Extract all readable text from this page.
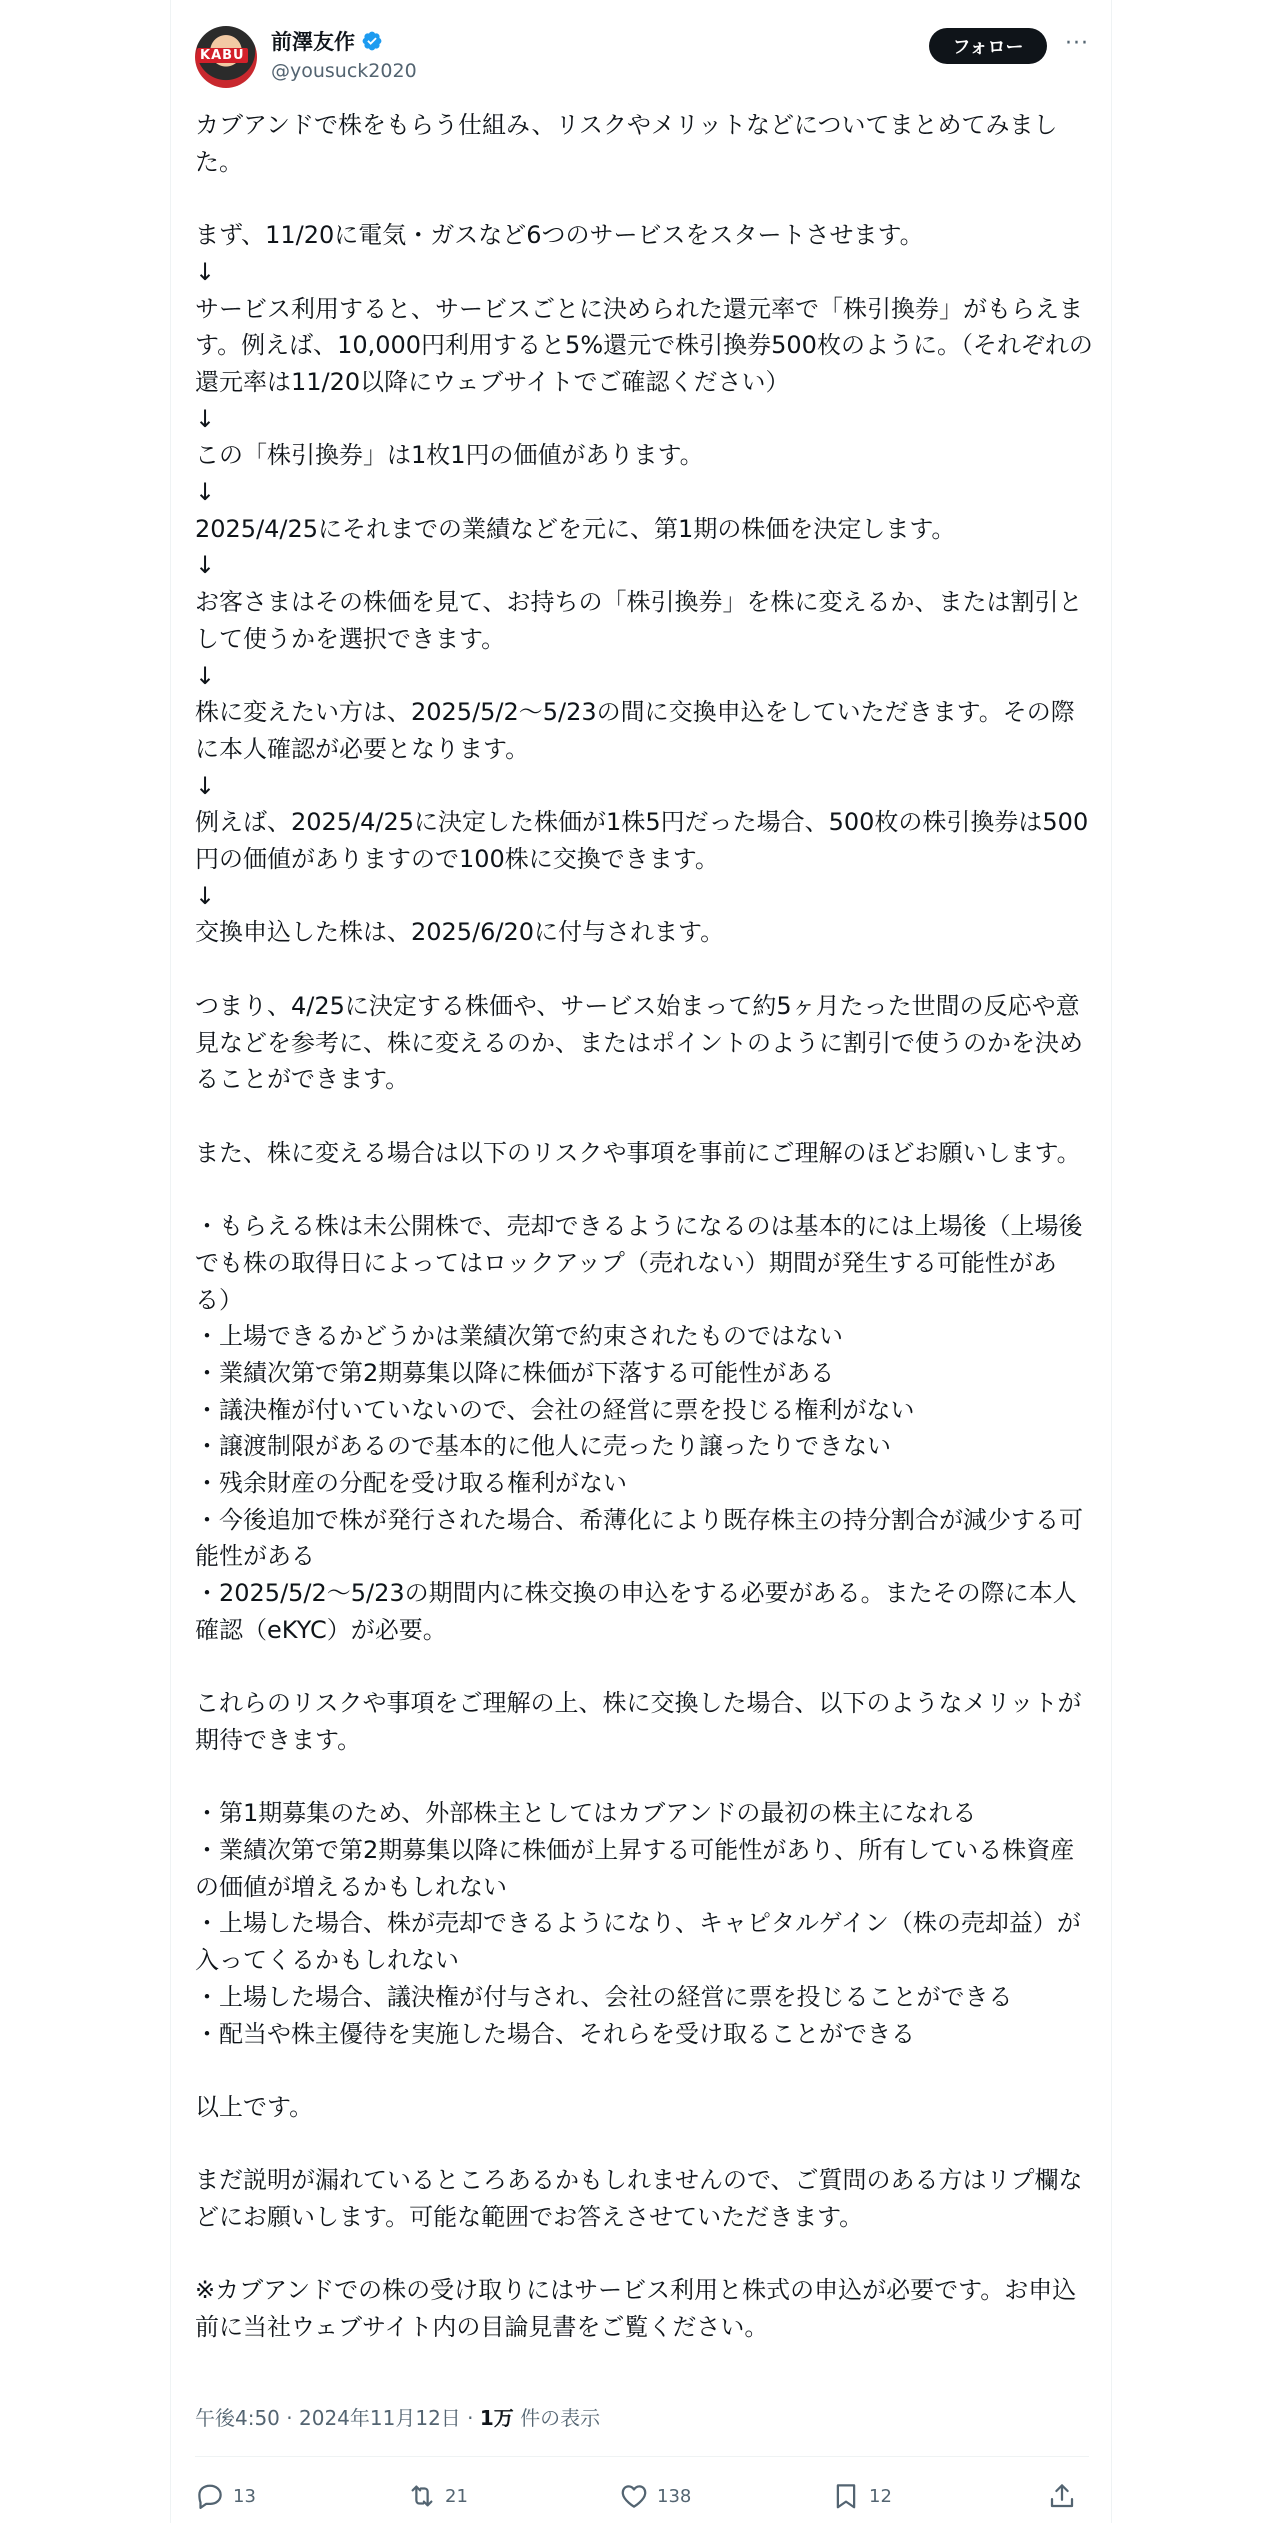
KABU
前澤友作
@yousuck2020
フォロー	···
カブアンドで株をもらう仕組み、リスクやメリットなどについてまとめてみました。

まず、11/20に電気・ガスなど6つのサービスをスタートさせます。
↓
サービス利用すると、サービスごとに決められた還元率で「株引換券」がもらえます。例えば、10,000円利用すると5%還元で株引換券500枚のように。（それぞれの還元率は11/20以降にウェブサイトでご確認ください）
↓
この「株引換券」は1枚1円の価値があります。
↓
2025/4/25にそれまでの業績などを元に、第1期の株価を決定します。
↓
お客さまはその株価を見て、お持ちの「株引換券」を株に変えるか、または割引として使うかを選択できます。
↓
株に変えたい方は、2025/5/2〜5/23の間に交換申込をしていただきます。その際に本人確認が必要となります。
↓
例えば、2025/4/25に決定した株価が1株5円だった場合、500枚の株引換券は500円の価値がありますので100株に交換できます。
↓
交換申込した株は、2025/6/20に付与されます。

つまり、4/25に決定する株価や、サービス始まって約5ヶ月たった世間の反応や意見などを参考に、株に変えるのか、またはポイントのように割引で使うのかを決めることができます。

また、株に変える場合は以下のリスクや事項を事前にご理解のほどお願いします。

・もらえる株は未公開株で、売却できるようになるのは基本的には上場後（上場後でも株の取得日によってはロックアップ（売れない）期間が発生する可能性がある）
・上場できるかどうかは業績次第で約束されたものではない
・業績次第で第2期募集以降に株価が下落する可能性がある
・議決権が付いていないので、会社の経営に票を投じる権利がない
・譲渡制限があるので基本的に他人に売ったり譲ったりできない
・残余財産の分配を受け取る権利がない
・今後追加で株が発行された場合、希薄化により既存株主の持分割合が減少する可能性がある
・2025/5/2〜5/23の期間内に株交換の申込をする必要がある。またその際に本人確認（eKYC）が必要。

これらのリスクや事項をご理解の上、株に交換した場合、以下のようなメリットが期待できます。

・第1期募集のため、外部株主としてはカブアンドの最初の株主になれる
・業績次第で第2期募集以降に株価が上昇する可能性があり、所有している株資産の価値が増えるかもしれない
・上場した場合、株が売却できるようになり、キャピタルゲイン（株の売却益）が入ってくるかもしれない
・上場した場合、議決権が付与され、会社の経営に票を投じることができる
・配当や株主優待を実施した場合、それらを受け取ることができる

以上です。

まだ説明が漏れているところあるかもしれませんので、ご質問のある方はリプ欄などにお願いします。可能な範囲でお答えさせていただきます。

※カブアンドでの株の受け取りにはサービス利用と株式の申込が必要です。お申込前に当社ウェブサイト内の目論見書をご覧ください。
午後4:50 · 2024年11月12日 · 1万 件の表示
13	21	138	12
